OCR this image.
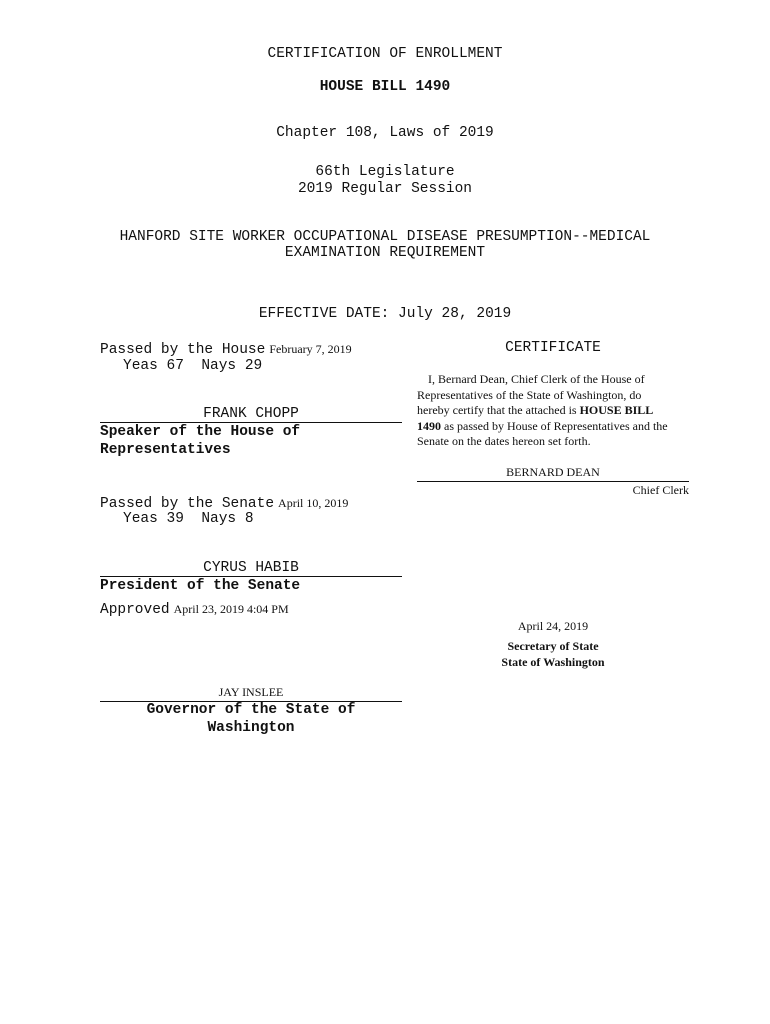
CERTIFICATION OF ENROLLMENT
HOUSE BILL 1490
Chapter 108, Laws of 2019
66th Legislature
2019 Regular Session
HANFORD SITE WORKER OCCUPATIONAL DISEASE PRESUMPTION--MEDICAL
EXAMINATION REQUIREMENT
EFFECTIVE DATE: July 28, 2019
Passed by the House February 7, 2019
Yeas 67  Nays 29
FRANK CHOPP
Speaker of the House of
Representatives
Passed by the Senate April 10, 2019
Yeas 39  Nays 8
CYRUS HABIB
President of the Senate
Approved April 23, 2019 4:04 PM
JAY INSLEE
Governor of the State of
Washington
CERTIFICATE
I, Bernard Dean, Chief Clerk of the House of
Representatives of the State of Washington, do
hereby certify that the attached is HOUSE BILL
1490 as passed by House of Representatives and the
Senate on the dates hereon set forth.
BERNARD DEAN
Chief Clerk
April 24, 2019
Secretary of State
State of Washington
